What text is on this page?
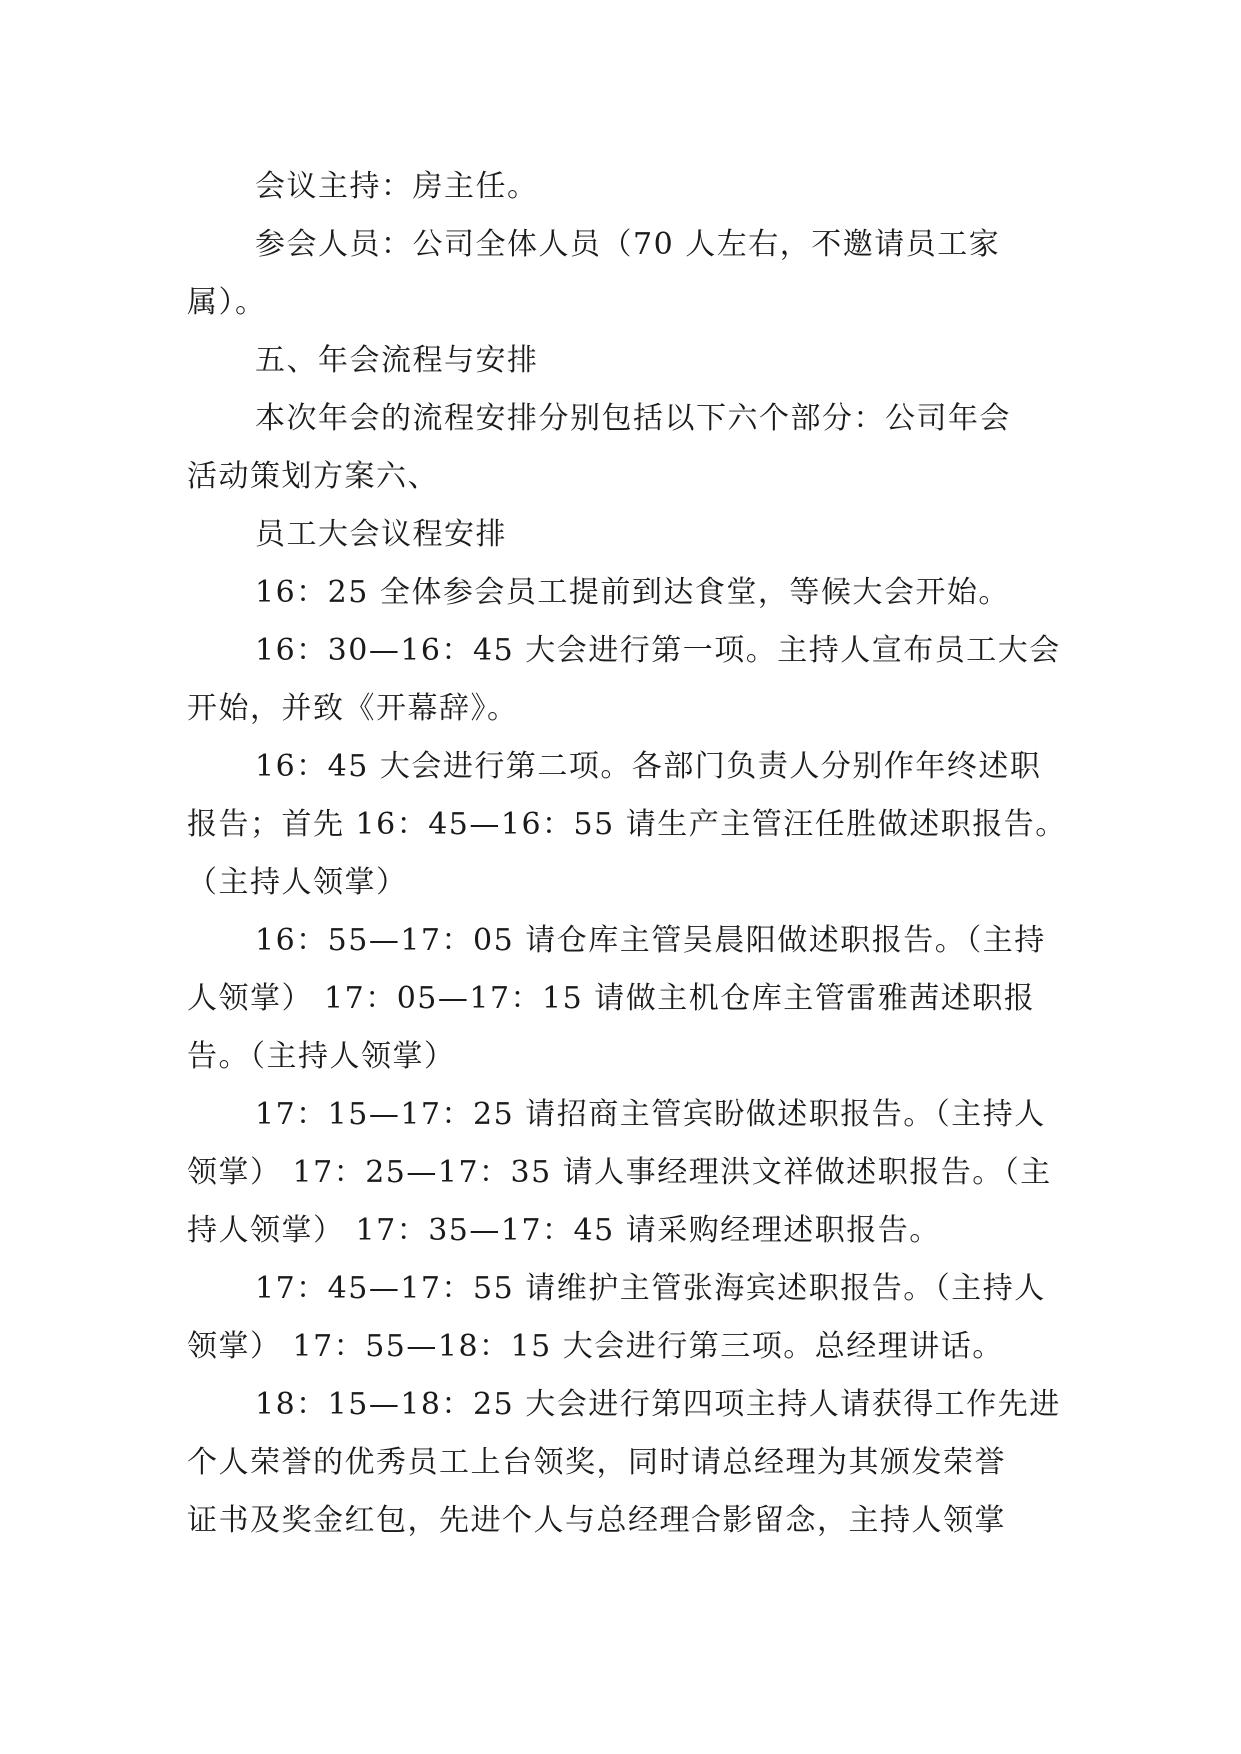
会议主持：房主任。
参会人员：公司全体人员（70 人左右，不邀请员工家
属）。
五、年会流程与安排
本次年会的流程安排分别包括以下六个部分：公司年会
活动策划方案六、
员工大会议程安排
16：25 全体参会员工提前到达食堂，等候大会开始。
16：30—16：45 大会进行第一项。主持人宣布员工大会
开始，并致《开幕辞》。
16：45 大会进行第二项。各部门负责人分别作年终述职
报告；首先 16：45—16：55 请生产主管汪任胜做述职报告。
（主持人领掌）
16：55—17：05 请仓库主管吴晨阳做述职报告。（主持
人领掌） 17：05—17：15 请做主机仓库主管雷雅茜述职报
告。（主持人领掌）
17：15—17：25 请招商主管宾盼做述职报告。（主持人
领掌） 17：25—17：35 请人事经理洪文祥做述职报告。（主
持人领掌） 17：35—17：45 请采购经理述职报告。
17：45—17：55 请维护主管张海宾述职报告。（主持人
领掌） 17：55—18：15 大会进行第三项。总经理讲话。
18：15—18：25 大会进行第四项主持人请获得工作先进
个人荣誉的优秀员工上台领奖，同时请总经理为其颁发荣誉
证书及奖金红包，先进个人与总经理合影留念，主持人领掌
